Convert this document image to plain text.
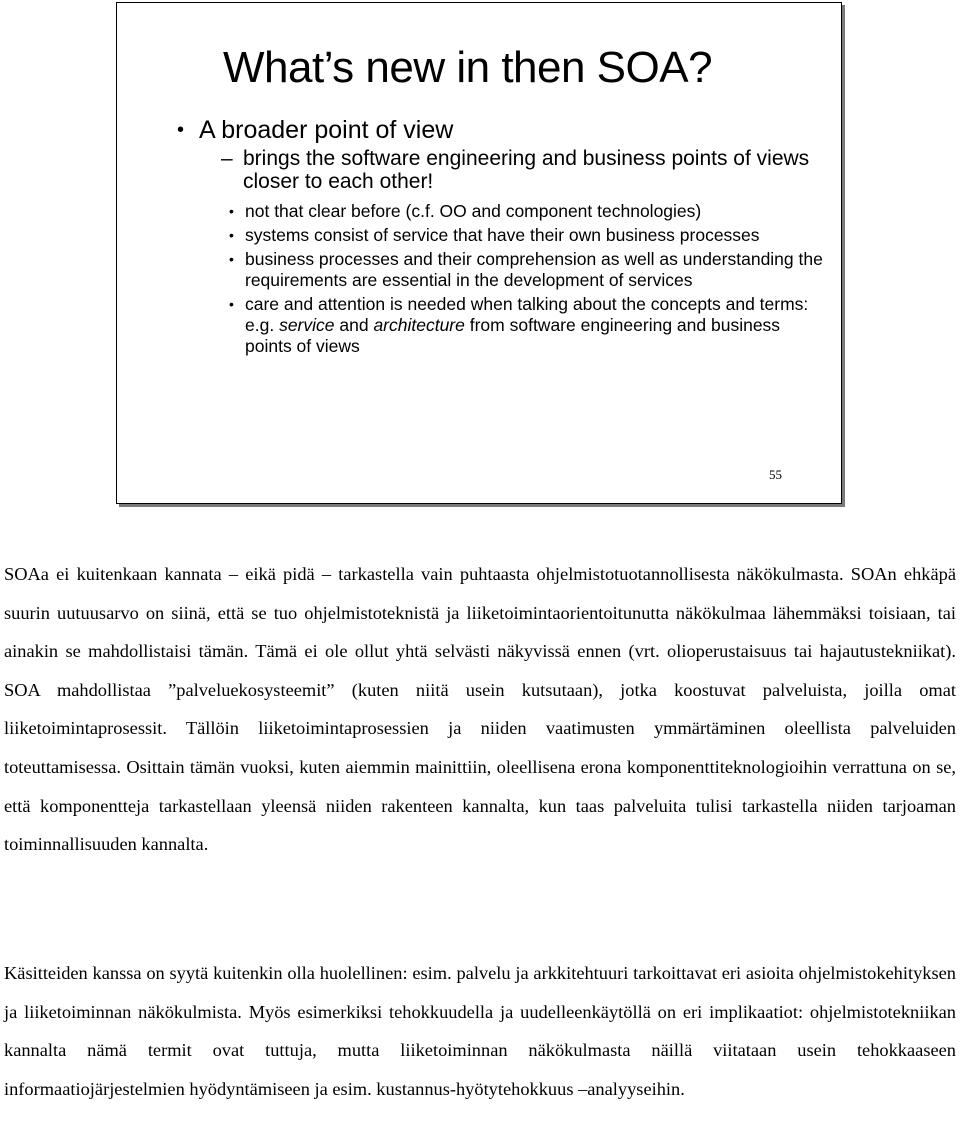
What’s new in then SOA?
• A broader point of view
– brings the software engineering and business points of views closer to each other!
• not that clear before (c.f. OO and component technologies)
• systems consist of service that have their own business processes
• business processes and their comprehension as well as understanding the requirements are essential in the development of services
• care and attention is needed when talking about the concepts and terms: e.g. service and architecture from software engineering and business points of views
55

SOAa ei kuitenkaan kannata – eikä pidä – tarkastella vain puhtaasta ohjelmistotuotannollisesta näkökulmasta. SOAn ehkäpä suurin uutuusarvo on siinä, että se tuo ohjelmistoteknistä ja liiketoimintaorientoitunutta näkökulmaa lähemmäksi toisiaan, tai ainakin se mahdollistaisi tämän. Tämä ei ole ollut yhtä selvästi näkyvissä ennen (vrt. olioperustaisuus tai hajautustekniikat). SOA mahdollistaa ”palveluekosysteemit” (kuten niitä usein kutsutaan), jotka koostuvat palveluista, joilla omat liiketoimintaprosessit. Tällöin liiketoimintaprosessien ja niiden vaatimusten ymmärtäminen oleellista palveluiden toteuttamisessa. Osittain tämän vuoksi, kuten aiemmin mainittiin, oleellisena erona komponenttiteknologioihin verrattuna on se, että komponentteja tarkastellaan yleensä niiden rakenteen kannalta, kun taas palveluita tulisi tarkastella niiden tarjoaman toiminnallisuuden kannalta.

Käsitteiden kanssa on syytä kuitenkin olla huolellinen: esim. palvelu ja arkkitehtuuri tarkoittavat eri asioita ohjelmistokehityksen ja liiketoiminnan näkökulmista. Myös esimerkiksi tehokkuudella ja uudelleenkäytöllä on eri implikaatiot: ohjelmistotekniikan kannalta nämä termit ovat tuttuja, mutta liiketoiminnan näkökulmasta näillä viitataan usein tehokkaaseen informaatiojärjestelmien hyödyntämiseen ja esim. kustannus-hyötytehokkuus –analyyseihin.
